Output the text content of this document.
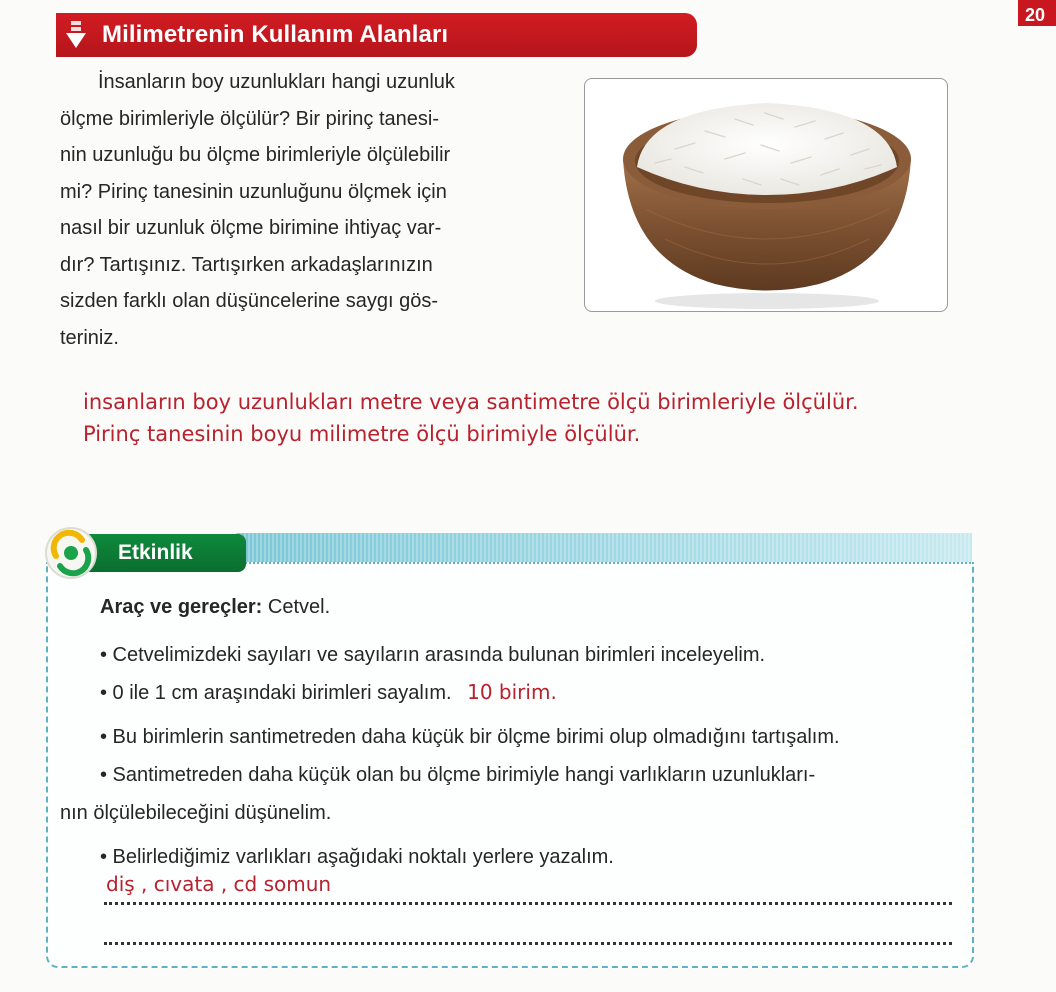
20
Milimetrenin Kullanım Alanları
İnsanların boy uzunlukları hangi uzunluk
ölçme birimleriyle ölçülür? Bir pirinç tanesi-
nin uzunluğu bu ölçme birimleriyle ölçülebilir
mi? Pirinç tanesinin uzunluğunu ölçmek için
nasıl bir uzunluk ölçme birimine ihtiyaç var-
dır? Tartışınız. Tartışırken arkadaşlarınızın
sizden farklı olan düşüncelerine saygı gös-
teriniz.
insanların boy uzunlukları metre veya santimetre ölçü birimleriyle ölçülür.
Pirinç tanesinin boyu milimetre ölçü birimiyle ölçülür.
Etkinlik
Araç ve gereçler: Cetvel.
• Cetvelimizdeki sayıları ve sayıların arasında bulunan birimleri inceleyelim.
• 0 ile 1 cm araşındaki birimleri sayalım. 10 birim.
• Bu birimlerin santimetreden daha küçük bir ölçme birimi olup olmadığını tartışalım.
• Santimetreden daha küçük olan bu ölçme birimiyle hangi varlıkların uzunlukları-
nın ölçülebileceğini düşünelim.
• Belirlediğimiz varlıkları aşağıdaki noktalı yerlere yazalım.
diş , cıvata , cd somun
